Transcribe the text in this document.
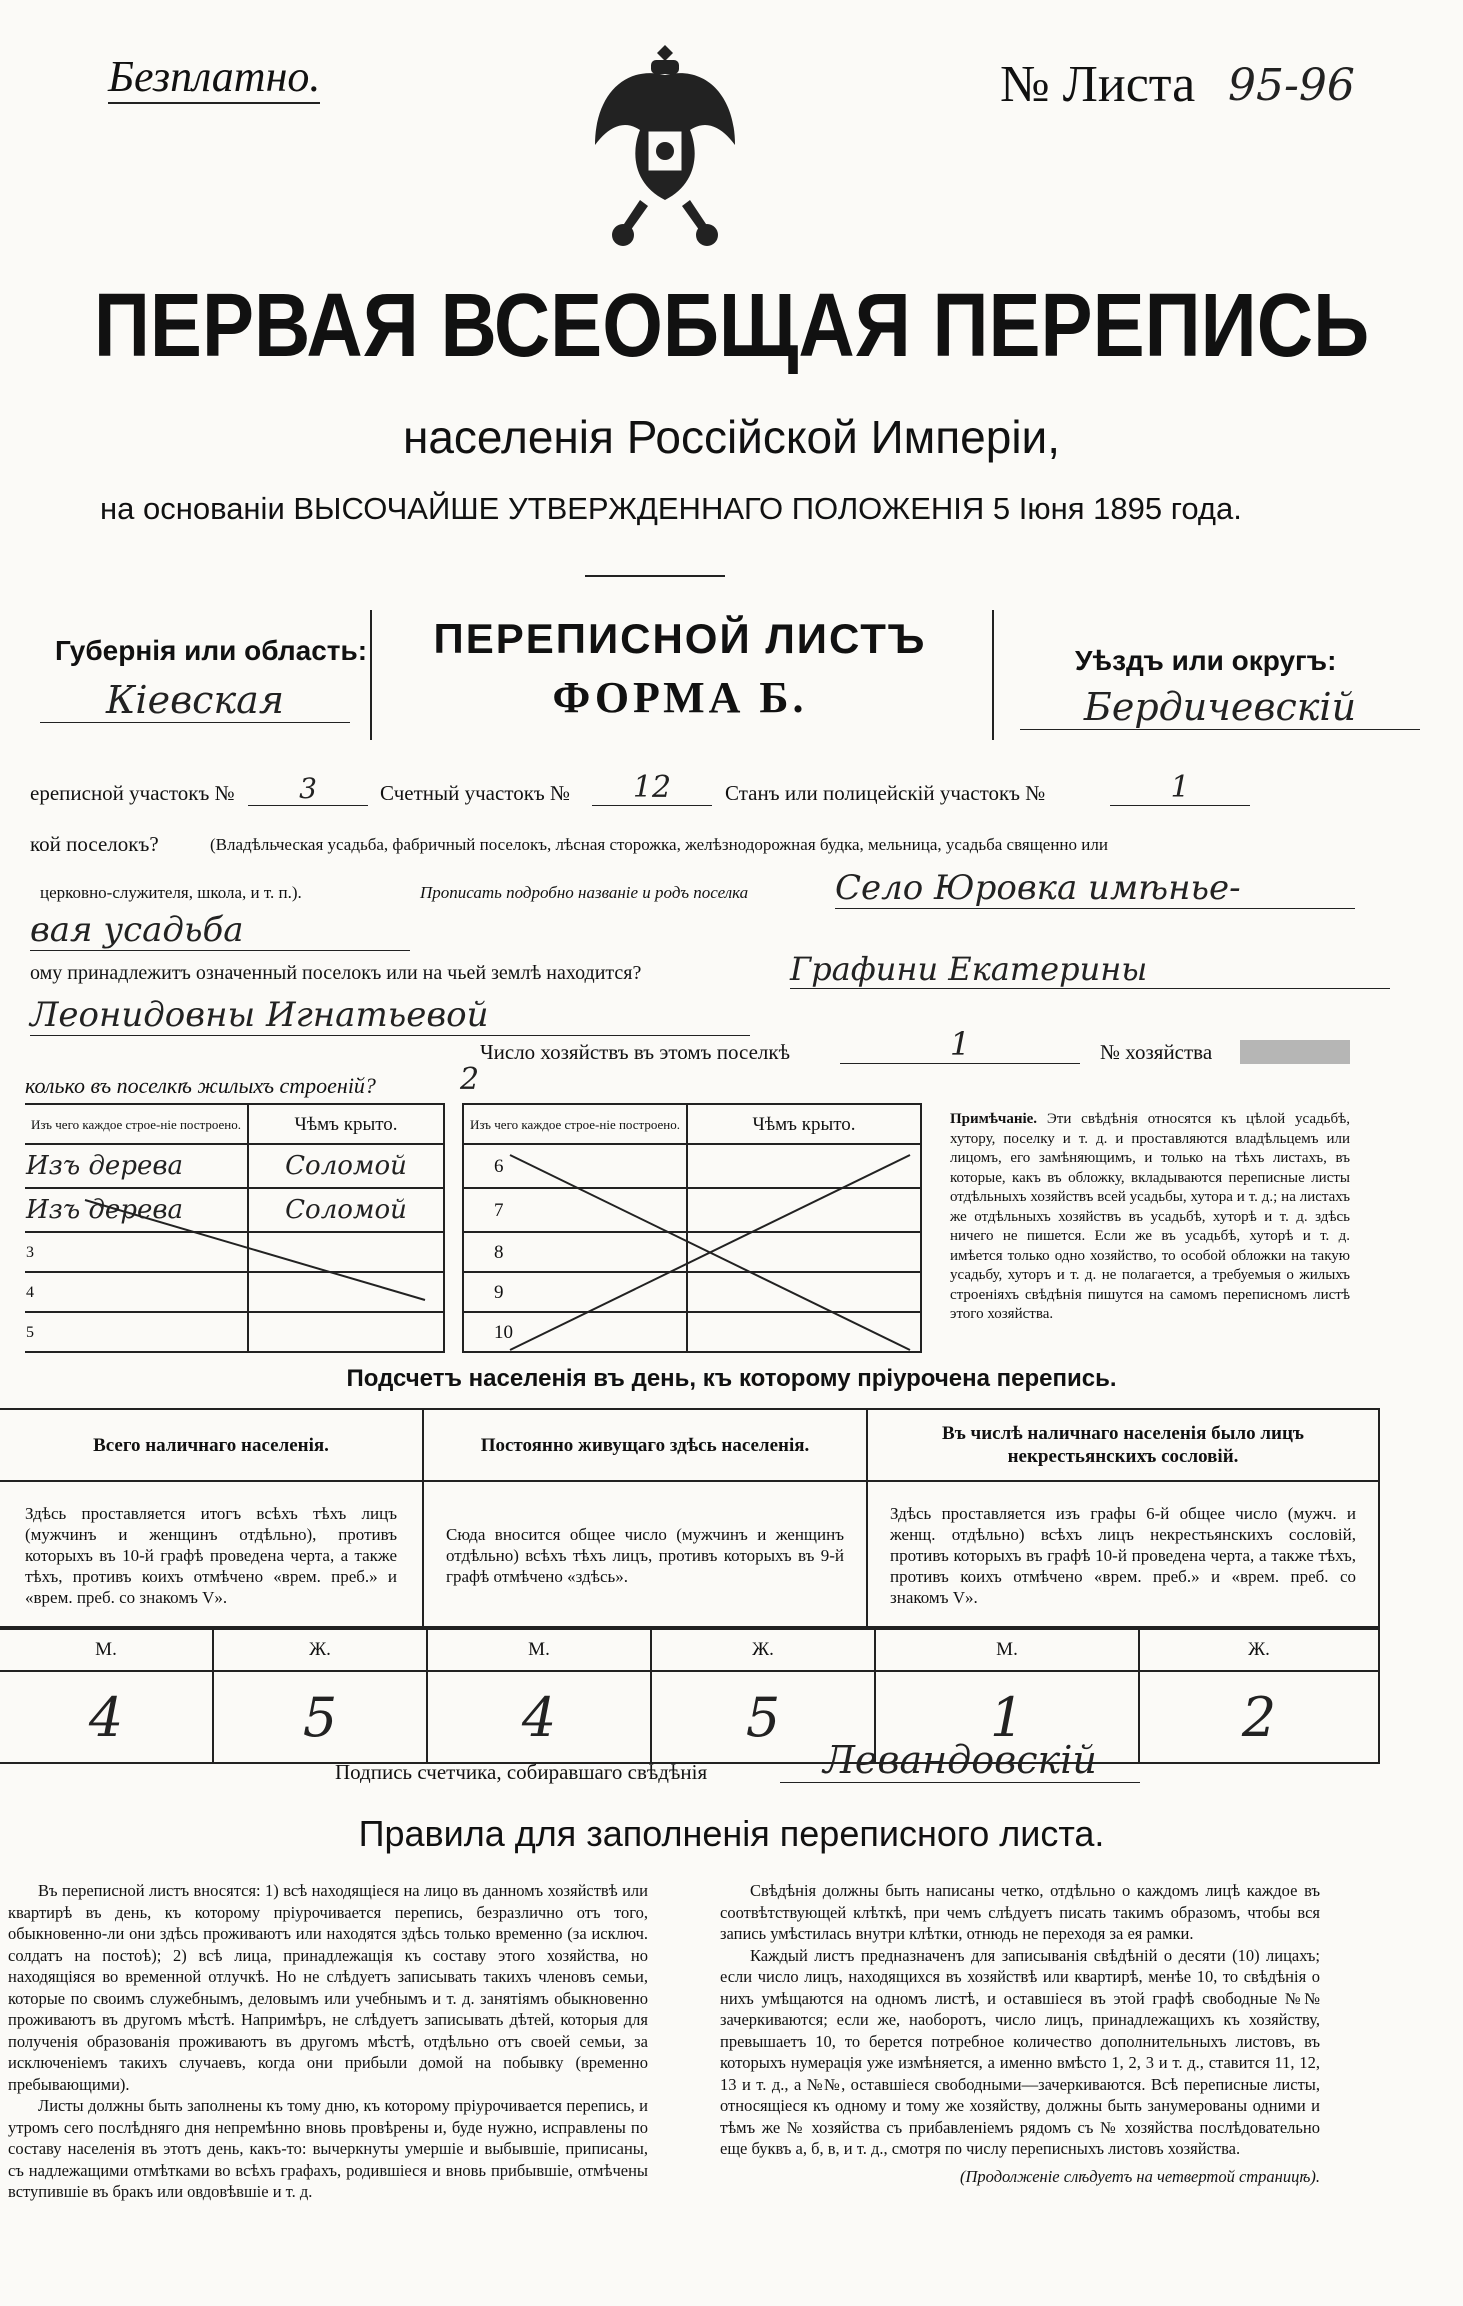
Безплатно.	№ Листа 95-96
ПЕРВАЯ ВСЕОБЩАЯ ПЕРЕПИСЬ
населенія Россійской Имперіи,
на основаніи ВЫСОЧАЙШЕ УТВЕРЖДЕННАГО ПОЛОЖЕНІЯ 5 Іюня 1895 года.
Губернія или область:
Кіевская
ПЕРЕПИСНОЙ ЛИСТЪ
ФОРМА Б.
Уѣздъ или округъ:
Бердичевскій
ерeписной участокъ №	3	Счетный участокъ №	12	Станъ или полицейскій участокъ №	1
кой поселокъ?	(Владѣльческая усадьба, фабричный поселокъ, лѣсная сторожка, желѣзнодорожная будка, мельница, усадьба священно или
церковно-служителя, школа, и т. п.).	Прописать подробно названіе и родъ поселка	Село Юровка имѣнье-
вая усадьба
ому принадлежитъ означенный поселокъ или на чьей землѣ находится?	Графини Екатерины
Леонидовны Игнатьевой
Число хозяйствъ въ этомъ поселкѣ	1	№ хозяйства
колько въ поселкѣ жилыхъ строеній?	2
Изъ чего каждое строе-ніе построено.	Чѣмъ крыто.
Изъ дерева	Соломой
Изъ дерева	Соломой
3	
4	
5	
Изъ чего каждое строе-ніе построено.	Чѣмъ крыто.
6	
7	
8	
9	
10	
Примѣчаніе. Эти свѣдѣнія относятся къ цѣлой усадьбѣ, хутору, поселку и т. д. и проставляются владѣльцемъ или лицомъ, его замѣняющимъ, и только на тѣхъ листахъ, въ которые, какъ въ обложку, вкладываются переписные листы отдѣльныхъ хозяйствъ всей усадьбы, хутора и т. д.; на листахъ же отдѣльныхъ хозяйствъ въ усадьбѣ, хуторѣ и т. д. здѣсь ничего не пишется. Если же въ усадьбѣ, хуторѣ и т. д. имѣется только одно хозяйство, то особой обложки на такую усадьбу, хуторъ и т. д. не полагается, а требуемыя о жилыхъ строеніяхъ свѣдѣнія пишутся на самомъ переписномъ листѣ этого хозяйства.
Подсчетъ населенія въ день, къ которому пріурочена перепись.
Всего наличнаго населенія.	Постоянно живущаго здѣсь населенія.	Въ числѣ наличнаго населенія было лицъ некрестьянскихъ сословій.
Здѣсь проставляется итогъ всѣхъ тѣхъ лицъ (мужчинъ и женщинъ отдѣльно), противъ которыхъ въ 10-й графѣ проведена черта, а также тѣхъ, противъ коихъ отмѣчено «врем. преб.» и «врем. преб. со знакомъ V».	Сюда вносится общее число (мужчинъ и женщинъ отдѣльно) всѣхъ тѣхъ лицъ, противъ которыхъ въ 9-й графѣ отмѣчено «здѣсь».	Здѣсь проставляется изъ графы 6-й общее число (мужч. и женщ. отдѣльно) всѣхъ лицъ некрестьянскихъ сословій, противъ которыхъ въ графѣ 10-й проведена черта, а также тѣхъ, противъ коихъ отмѣчено «врем. преб.» и «врем. преб. со знакомъ V».
М.	Ж.	М.	Ж.	М.	Ж.
4	5	4	5	1	2
Подпись счетчика, собиравшаго свѣдѣнія	Левандовскій
Правила для заполненія переписного листа.

Въ переписной листъ вносятся: 1) всѣ находящіеся на лицо въ данномъ хозяйствѣ или квартирѣ въ день, къ которому пріурочивается перепись, безразлично отъ того, обыкновенно-ли они здѣсь проживаютъ или находятся здѣсь только временно (за исключ. солдатъ на постоѣ); 2) всѣ лица, принадлежащія къ составу этого хозяйства, но находящіяся во временной отлучкѣ. Но не слѣдуетъ записывать такихъ членовъ семьи, которые по своимъ служебнымъ, деловымъ или учебнымъ и т. д. занятіямъ обыкновенно проживаютъ въ другомъ мѣстѣ. Напримѣръ, не слѣдуетъ записывать дѣтей, которыя для полученія образованія проживаютъ въ другомъ мѣстѣ, отдѣльно отъ своей семьи, за исключеніемъ такихъ случаевъ, когда они прибыли домой на побывку (временно пребывающими).

Листы должны быть заполнены къ тому дню, къ которому пріурочивается перепись, и утромъ сего послѣдняго дня непремѣнно вновь провѣрены и, буде нужно, исправлены по составу населенія въ этотъ день, какъ-то: вычеркнуты умершіе и выбывшіе, приписаны, съ надлежащими отмѣтками во всѣхъ графахъ, родившіеся и вновь прибывшіе, отмѣчены вступившіе въ бракъ или овдовѣвшіе и т. д.

Свѣдѣнія должны быть написаны четко, отдѣльно о каждомъ лицѣ каждое въ соотвѣтствующей клѣткѣ, при чемъ слѣдуетъ писать такимъ образомъ, чтобы вся запись умѣстилась внутри клѣтки, отнюдь не переходя за ея рамки.

Каждый листъ предназначенъ для записыванія свѣдѣній о десяти (10) лицахъ; если число лицъ, находящихся въ хозяйствѣ или квартирѣ, менѣе 10, то свѣдѣнія о нихъ умѣщаются на одномъ листѣ, и оставшіеся въ этой графѣ свободные №№ зачеркиваются; если же, наоборотъ, число лицъ, принадлежащихъ къ хозяйству, превышаетъ 10, то берется потребное количество дополнительныхъ листовъ, въ которыхъ нумерація уже измѣняется, а именно вмѣсто 1, 2, 3 и т. д., ставится 11, 12, 13 и т. д., а №№, оставшіеся свободными—зачеркиваются. Всѣ переписные листы, относящіеся къ одному и тому же хозяйству, должны быть занумерованы одними и тѣмъ же № хозяйства съ прибавленіемъ рядомъ съ № хозяйства послѣдовательно еще буквъ а, б, в, и т. д., смотря по числу переписныхъ листовъ хозяйства.

(Продолженіе слѣдуетъ на четвертой страницѣ).
